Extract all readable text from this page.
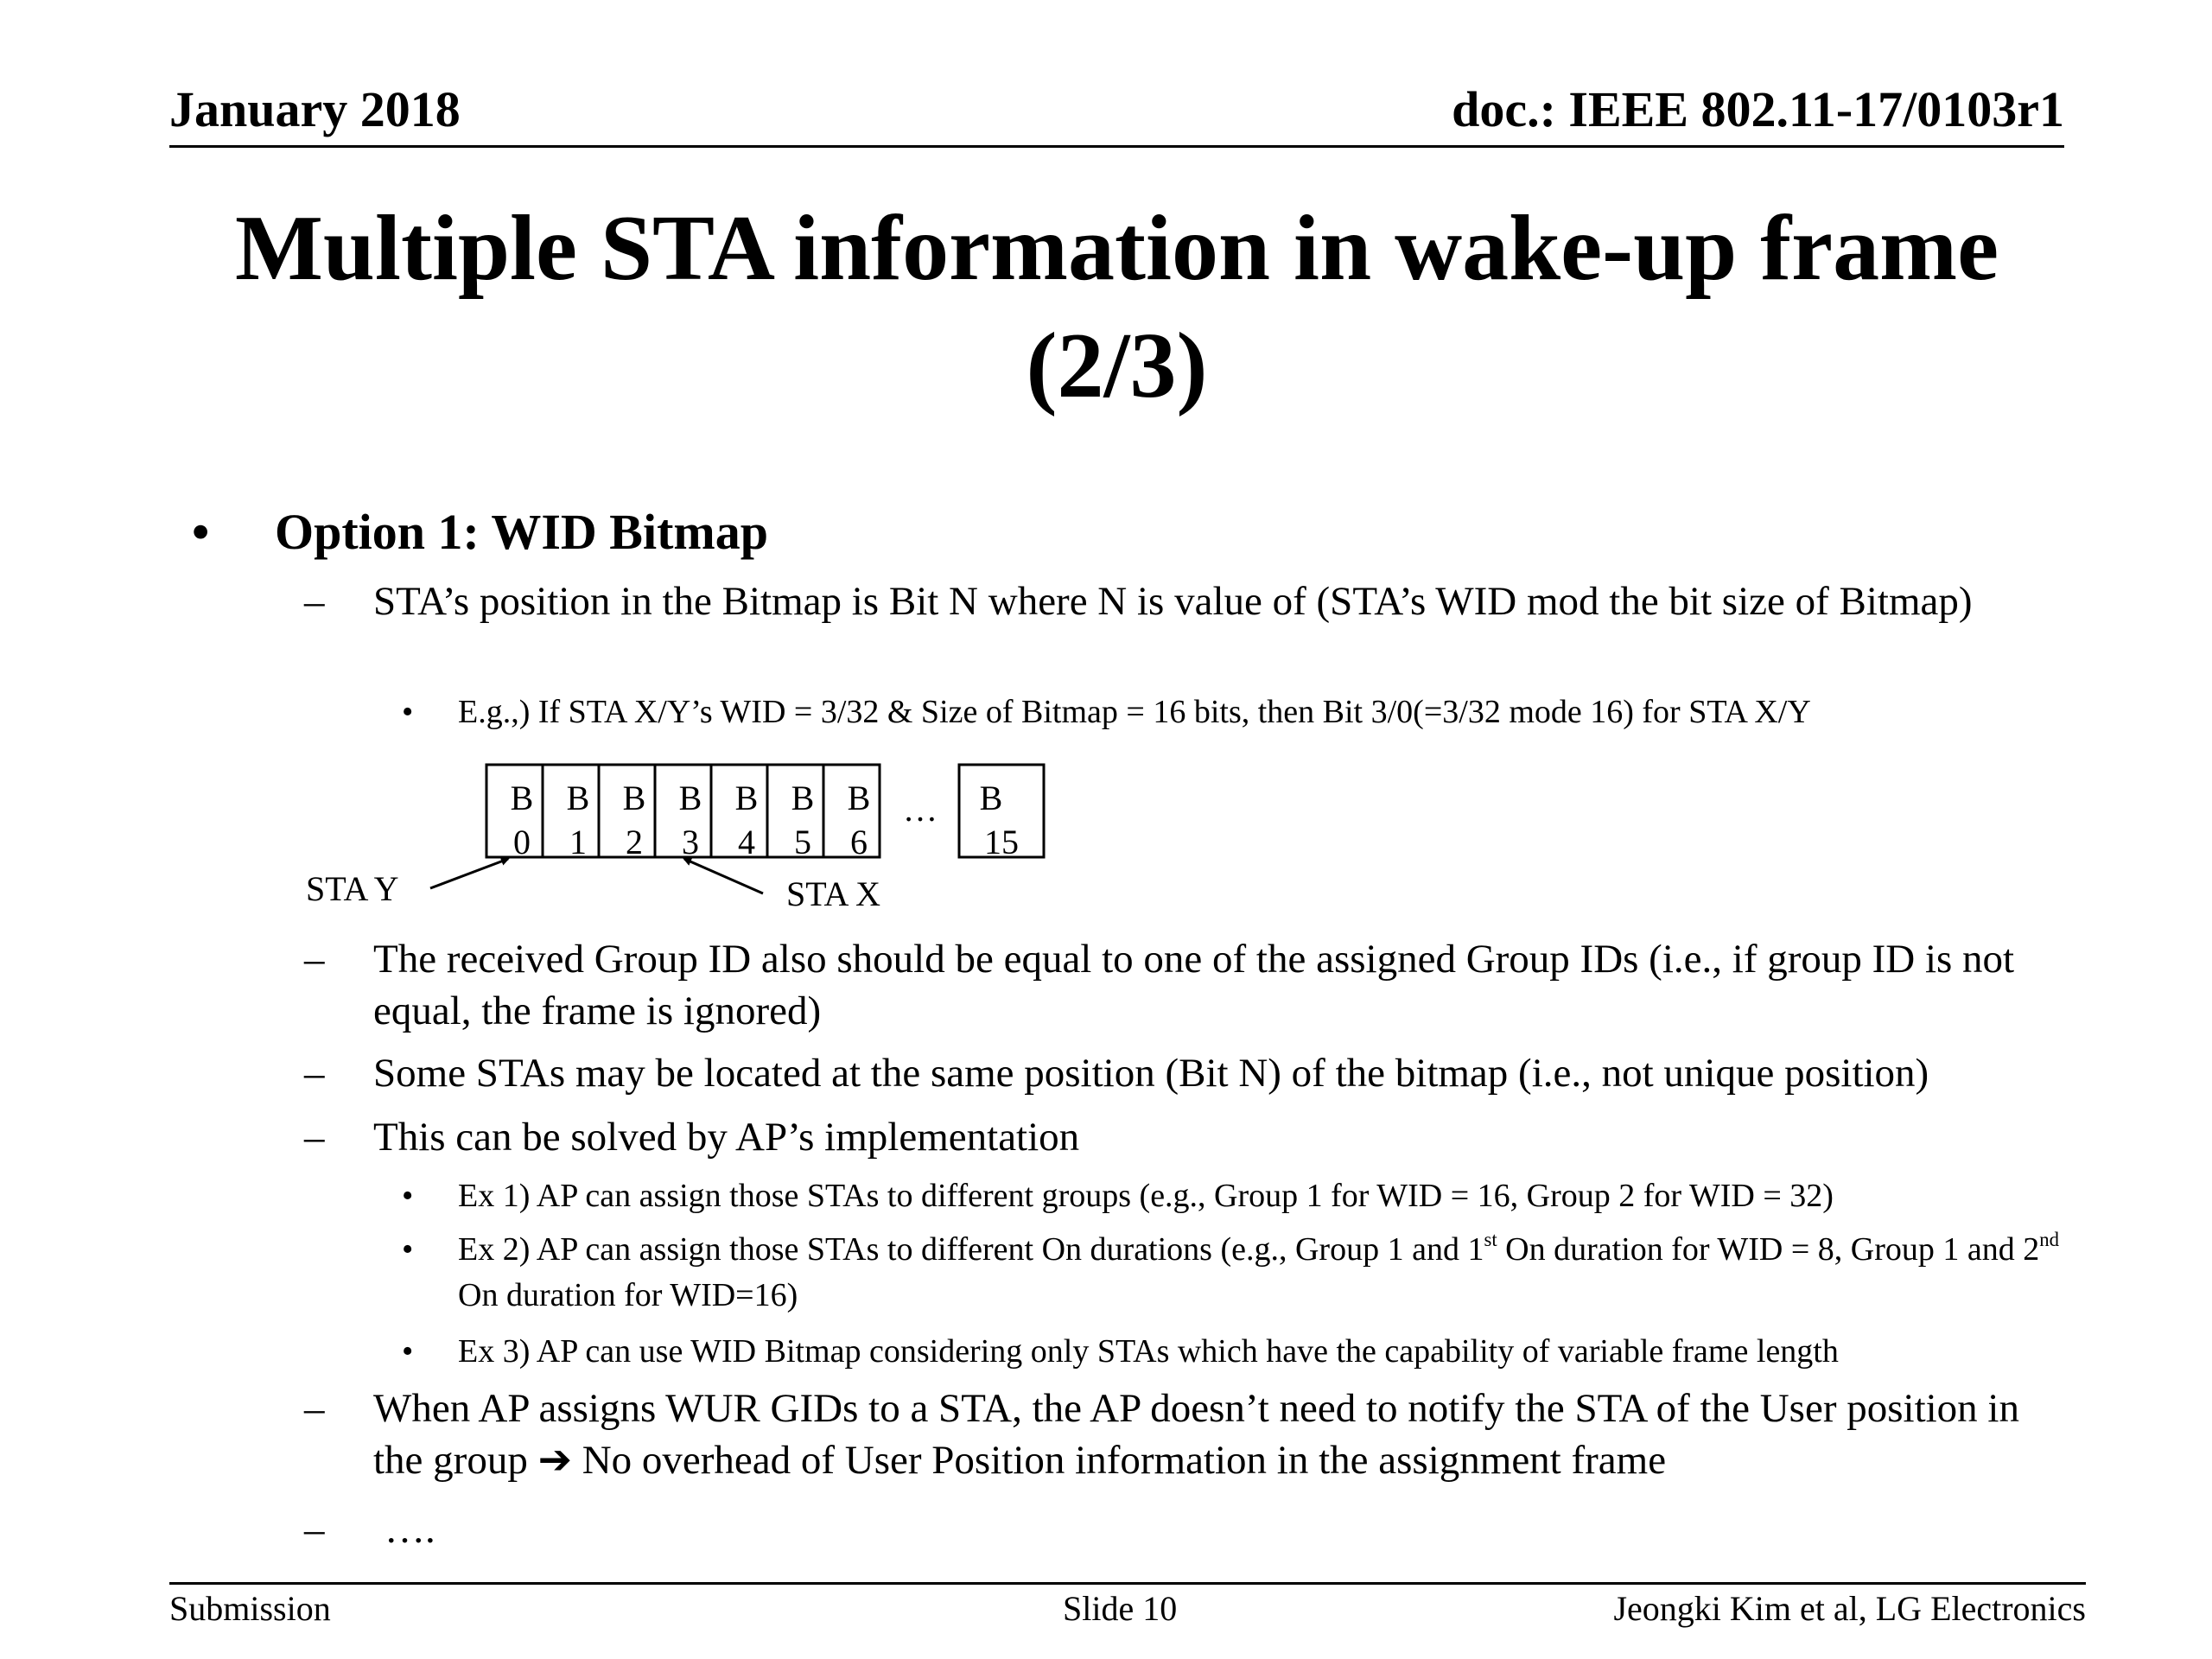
January 2018	doc.: IEEE 802.11-17/0103r1
Multiple STA information in wake-up frame (2/3)
• Option 1: WID Bitmap
– STA’s position in the Bitmap is Bit N where N is value of (STA’s WID mod the bit size of Bitmap)
• E.g.,) If STA X/Y’s WID = 3/32 & Size of Bitmap = 16 bits, then Bit 3/0(=3/32 mode 16) for STA X/Y
B
0
B
1
B
2
B
3
B
4
B
5
B
6
… B
15
STA Y	STA X
– The received Group ID also should be equal to one of the assigned Group IDs (i.e., if group ID is not equal, the frame is ignored)
– Some STAs may be located at the same position (Bit N) of the bitmap (i.e., not unique position)
– This can be solved by AP’s implementation
• Ex 1) AP can assign those STAs to different groups (e.g., Group 1 for WID = 16, Group 2 for WID = 32)
• Ex 2) AP can assign those STAs to different On durations (e.g., Group 1 and 1st On duration for WID = 8, Group 1 and 2nd On duration for WID=16)
• Ex 3) AP can use WID Bitmap considering only STAs which have the capability of variable frame length
– When AP assigns WUR GIDs to a STA, the AP doesn’t need to notify the STA of the User position in the group ➔ No overhead of User Position information in the assignment frame
– ….
Submission	Slide 10	Jeongki Kim et al, LG Electronics
